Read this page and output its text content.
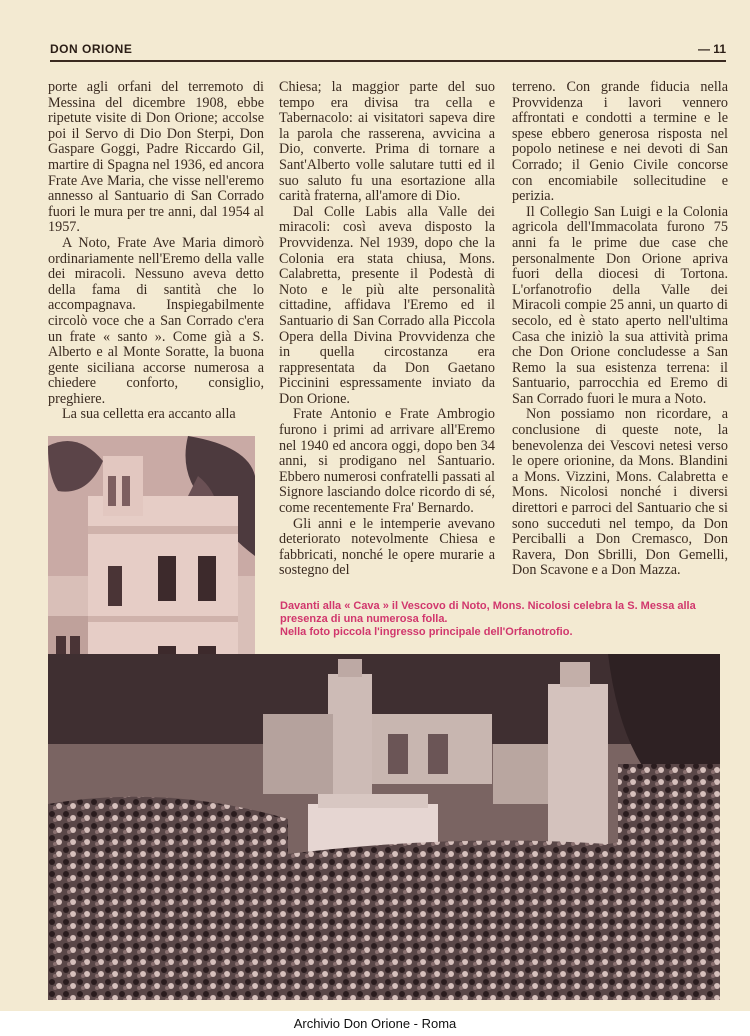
DON ORIONE	— 11

porte agli orfani del terremoto di Messina del dicembre 1908, ebbe ripetute visite di Don Orione; accolse poi il Servo di Dio Don Sterpi, Don Gaspare Goggi, Padre Riccardo Gil, martire di Spagna nel 1936, ed ancora Frate Ave Maria, che visse nell'eremo annesso al Santuario di San Corrado fuori le mura per tre anni, dal 1954 al 1957.

A Noto, Frate Ave Maria dimorò ordinariamente nell'Eremo della valle dei miracoli. Nessuno aveva detto della fama di santità che lo accompagnava. Inspiegabilmente circolò voce che a San Corrado c'era un frate « santo ». Come già a S. Alberto e al Monte Soratte, la buona gente siciliana accorse numerosa a chiedere conforto, consiglio, preghiere.

La sua celletta era accanto alla

Chiesa; la maggior parte del suo tempo era divisa tra cella e Tabernacolo: ai visitatori sapeva dire la parola che rasserena, avvicina a Dio, converte. Prima di tornare a Sant'Alberto volle salutare tutti ed il suo saluto fu una esortazione alla carità fraterna, all'amore di Dio.

Dal Colle Labis alla Valle dei miracoli: così aveva disposto la Provvidenza. Nel 1939, dopo che la Colonia era stata chiusa, Mons. Calabretta, presente il Podestà di Noto e le più alte personalità cittadine, affidava l'Eremo ed il Santuario di San Corrado alla Piccola Opera della Divina Provvidenza che in quella circostanza era rappresentata da Don Gaetano Piccinini espressamente inviato da Don Orione.

Frate Antonio e Frate Ambrogio furono i primi ad arrivare all'Eremo nel 1940 ed ancora oggi, dopo ben 34 anni, si prodigano nel Santuario. Ebbero numerosi confratelli passati al Signore lasciando dolce ricordo di sé, come recentemente Fra' Bernardo.

Gli anni e le intemperie avevano deteriorato notevolmente Chiesa e fabbricati, nonché le opere murarie a sostegno del

terreno. Con grande fiducia nella Provvidenza i lavori vennero affrontati e condotti a termine e le spese ebbero generosa risposta nel popolo netinese e nei devoti di San Corrado; il Genio Civile concorse con encomiabile sollecitudine e perizia.

Il Collegio San Luigi e la Colonia agricola dell'Immacolata furono 75 anni fa le prime due case che personalmente Don Orione apriva fuori della diocesi di Tortona. L'orfanotrofio della Valle dei Miracoli compie 25 anni, un quarto di secolo, ed è stato aperto nell'ultima Casa che iniziò la sua attività prima che Don Orione concludesse a San Remo la sua esistenza terrena: il Santuario, parrocchia ed Eremo di San Corrado fuori le mura a Noto.

Non possiamo non ricordare, a conclusione di queste note, la benevolenza dei Vescovi netesi verso le opere orionine, da Mons. Blandini a Mons. Vizzini, Mons. Calabretta e Mons. Nicolosi nonché i diversi direttori e parroci del Santuario che si sono succeduti nel tempo, da Don Perciballi a Don Cremasco, Don Ravera, Don Sbrilli, Don Gemelli, Don Scavone e a Don Mazza.

Davanti alla « Cava » il Vescovo di Noto, Mons. Nicolosi celebra la S. Messa alla presenza di una numerosa folla.
Nella foto piccola l'ingresso principale dell'Orfanotrofio.
Archivio Don Orione - Roma
